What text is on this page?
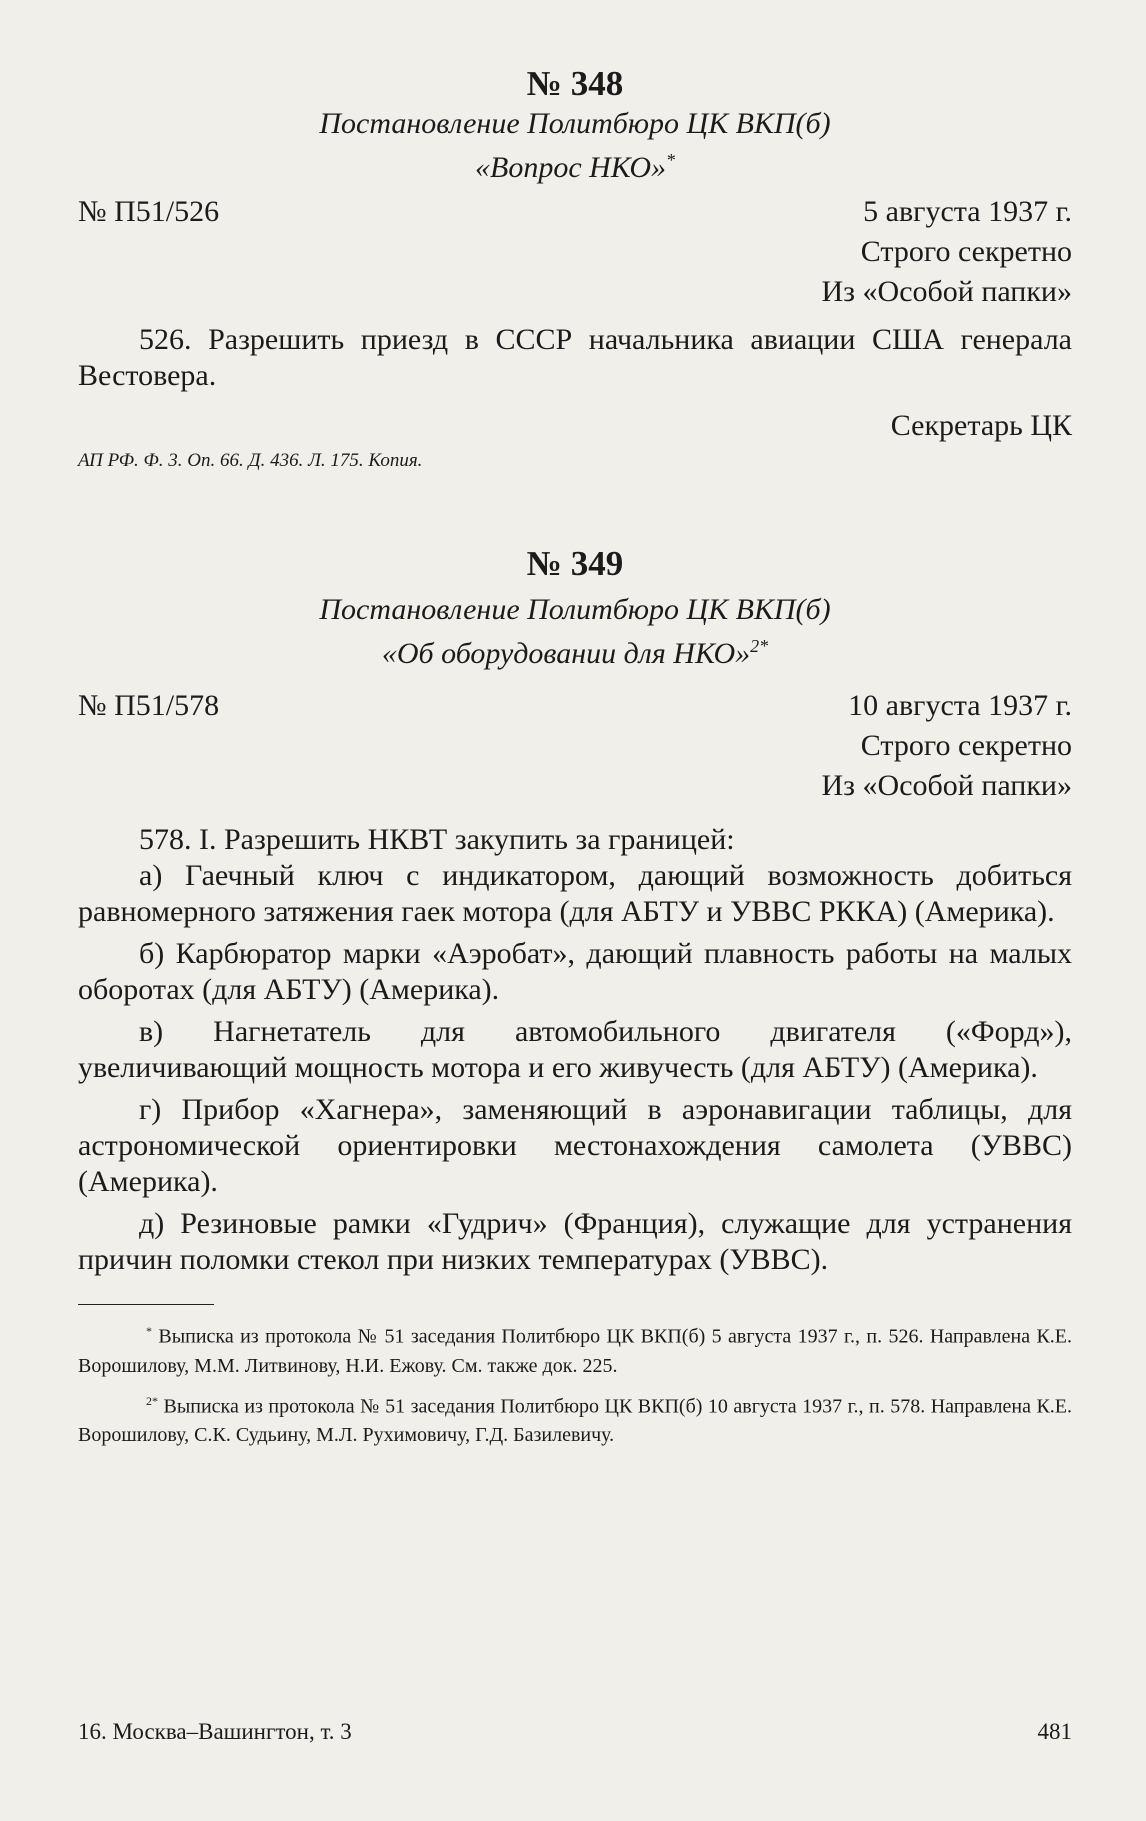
№ 348
Постановление Политбюро ЦК ВКП(б)
«Вопрос НКО»*
№ П51/526	5 августа 1937 г.
Строго секретно
Из «Особой папки»

526. Разрешить приезд в СССР начальника авиации США генерала Вестовера.

Секретарь ЦК
АП РФ. Ф. 3. Оп. 66. Д. 436. Л. 175. Копия.
№ 349
Постановление Политбюро ЦК ВКП(б)
«Об оборудовании для НКО»$^{2*}$
№ П51/578	10 августа 1937 г.
Строго секретно
Из «Особой папки»

578. I. Разрешить НКВТ закупить за границей:

а) Гаечный ключ с индикатором, дающий возможность добиться равномерного затяжения гаек мотора (для АБТУ и УВВС РККА) (Америка).

б) Карбюратор марки «Аэробат», дающий плавность работы на малых оборотах (для АБТУ) (Америка).

в) Нагнетатель для автомобильного двигателя («Форд»), увеличивающий мощность мотора и его живучесть (для АБТУ) (Америка).

г) Прибор «Хагнера», заменяющий в аэронавигации таблицы, для астрономической ориентировки местонахождения самолета (УВВС) (Америка).

д) Резиновые рамки «Гудрич» (Франция), служащие для устранения причин поломки стекол при низких температурах (УВВС).

* Выписка из протокола № 51 заседания Политбюро ЦК ВКП(б) 5 августа 1937 г., п. 526. Направлена К.Е. Ворошилову, М.М. Литвинову, Н.И. Ежову. См. также док. 225.

$^{2*}$ Выписка из протокола № 51 заседания Политбюро ЦК ВКП(б) 10 августа 1937 г., п. 578. Направлена К.Е. Ворошилову, С.К. Судьину, М.Л. Рухимовичу, Г.Д. Базилевичу.

16. Москва–Вашингтон, т. 3	481
